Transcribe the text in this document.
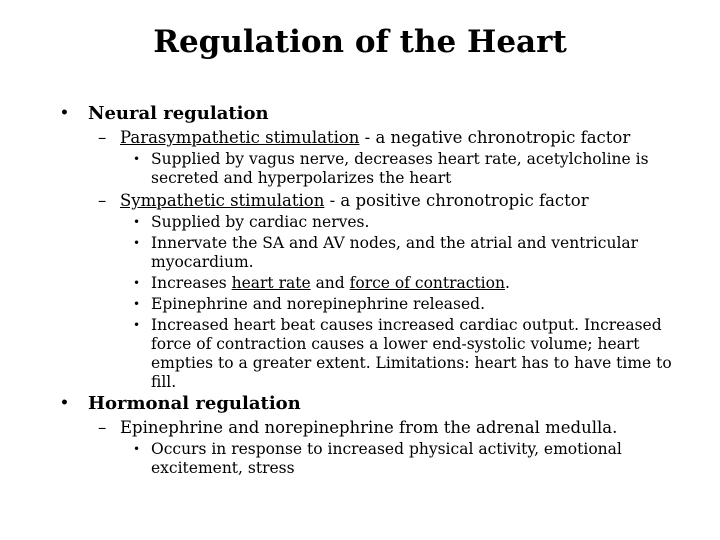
Regulation of the Heart
• Neural regulation
– Parasympathetic stimulation - a negative chronotropic factor
• Supplied by vagus nerve, decreases heart rate, acetylcholine is secreted and hyperpolarizes the heart
– Sympathetic stimulation - a positive chronotropic factor
• Supplied by cardiac nerves.
• Innervate the SA and AV nodes, and the atrial and ventricular myocardium.
• Increases heart rate and force of contraction.
• Epinephrine and norepinephrine released.
• Increased heart beat causes increased cardiac output. Increased force of contraction causes a lower end-systolic volume; heart empties to a greater extent. Limitations: heart has to have time to fill.
• Hormonal regulation
– Epinephrine and norepinephrine from the adrenal medulla.
• Occurs in response to increased physical activity, emotional excitement, stress
